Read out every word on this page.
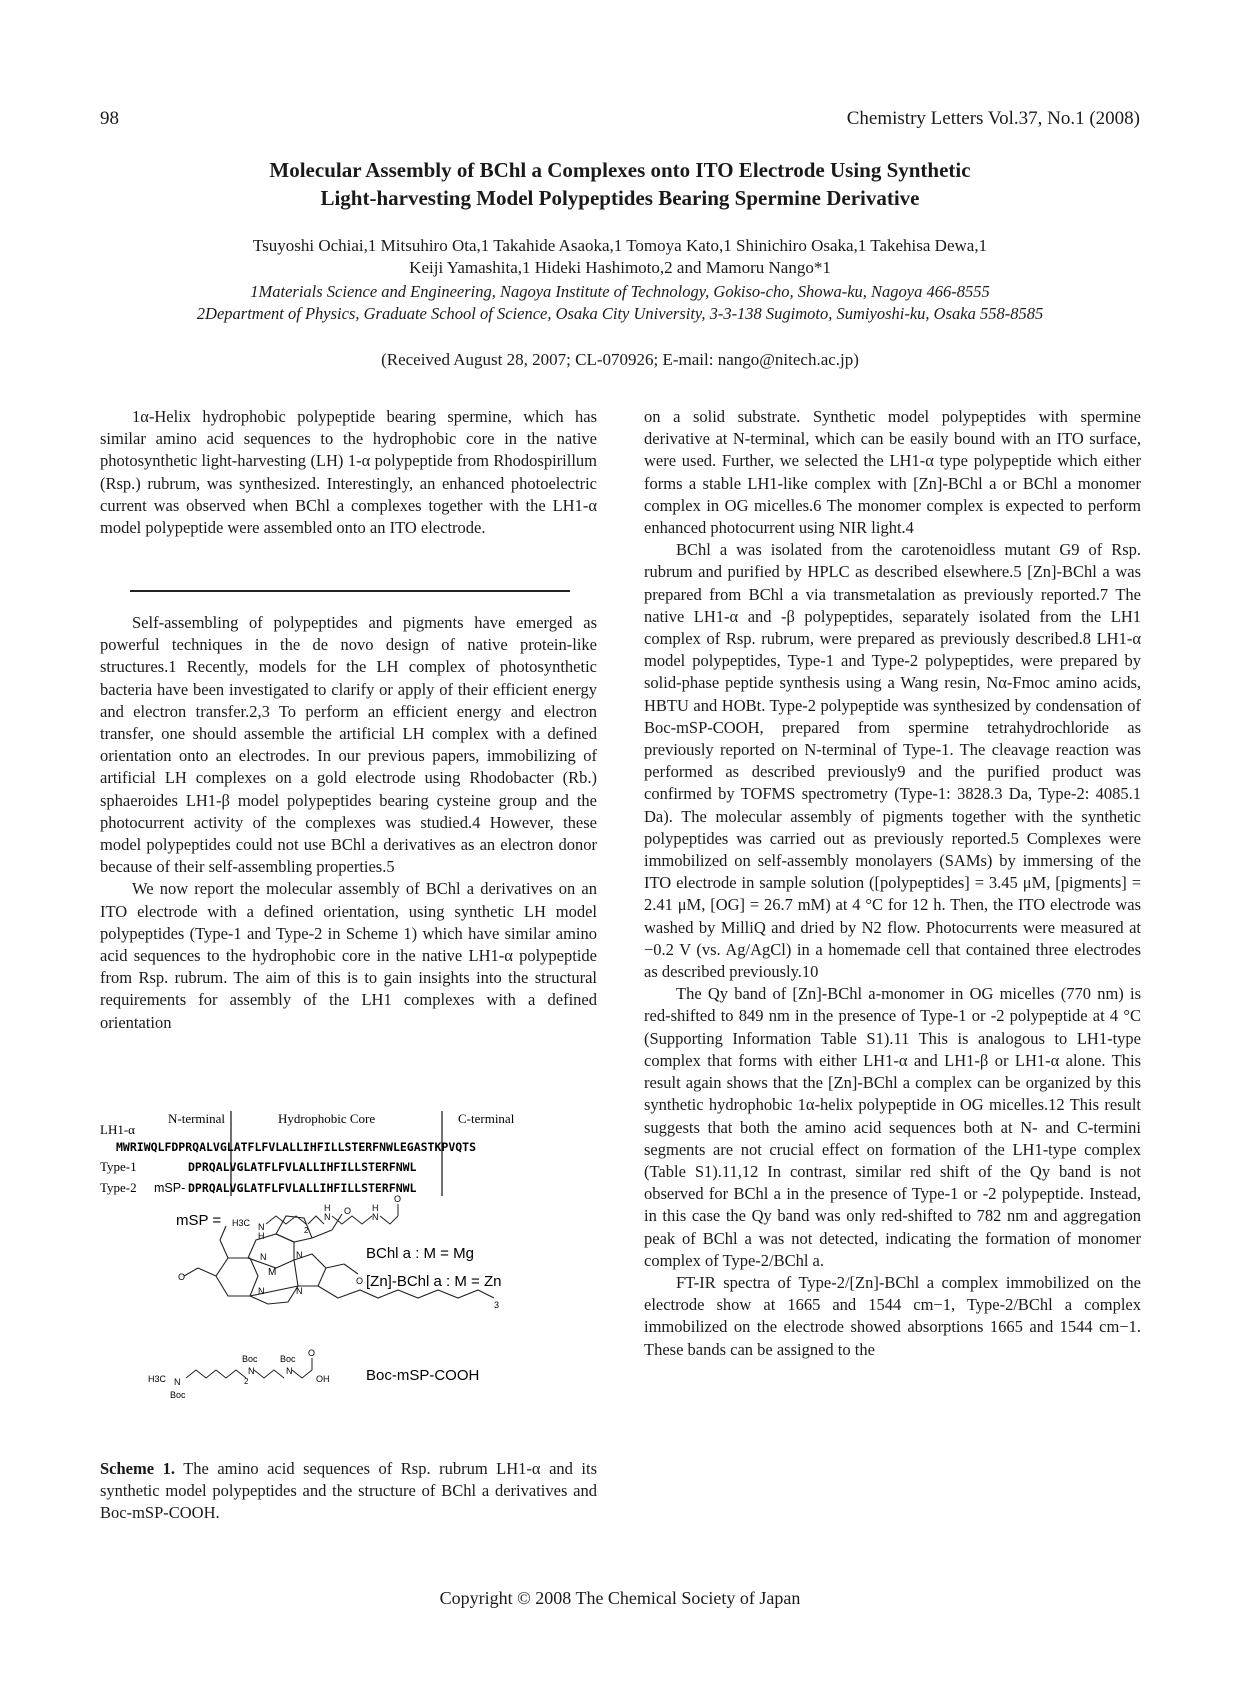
98	Chemistry Letters Vol.37, No.1 (2008)
Molecular Assembly of BChl a Complexes onto ITO Electrode Using Synthetic
Light-harvesting Model Polypeptides Bearing Spermine Derivative
Tsuyoshi Ochiai,1 Mitsuhiro Ota,1 Takahide Asaoka,1 Tomoya Kato,1 Shinichiro Osaka,1 Takehisa Dewa,1
Keiji Yamashita,1 Hideki Hashimoto,2 and Mamoru Nango*1
1Materials Science and Engineering, Nagoya Institute of Technology, Gokiso-cho, Showa-ku, Nagoya 466-8555
2Department of Physics, Graduate School of Science, Osaka City University, 3-3-138 Sugimoto, Sumiyoshi-ku, Osaka 558-8585
(Received August 28, 2007; CL-070926; E-mail: nango@nitech.ac.jp)

1α-Helix hydrophobic polypeptide bearing spermine, which has similar amino acid sequences to the hydrophobic core in the native photosynthetic light-harvesting (LH) 1-α polypeptide from Rhodospirillum (Rsp.) rubrum, was synthesized. Interestingly, an enhanced photoelectric current was observed when BChl a complexes together with the LH1-α model polypeptide were assembled onto an ITO electrode.

Self-assembling of polypeptides and pigments have emerged as powerful techniques in the de novo design of native protein-like structures.1 Recently, models for the LH complex of photosynthetic bacteria have been investigated to clarify or apply of their efficient energy and electron transfer.2,3 To perform an efficient energy and electron transfer, one should assemble the artificial LH complex with a defined orientation onto an electrodes. In our previous papers, immobilizing of artificial LH complexes on a gold electrode using Rhodobacter (Rb.) sphaeroides LH1-β model polypeptides bearing cysteine group and the photocurrent activity of the complexes was studied.4 However, these model polypeptides could not use BChl a derivatives as an electron donor because of their self-assembling properties.5

We now report the molecular assembly of BChl a derivatives on an ITO electrode with a defined orientation, using synthetic LH model polypeptides (Type-1 and Type-2 in Scheme 1) which have similar amino acid sequences to the hydrophobic core in the native LH1-α polypeptide from Rsp. rubrum. The aim of this is to gain insights into the structural requirements for assembly of the LH1 complexes with a defined orientation

on a solid substrate. Synthetic model polypeptides with spermine derivative at N-terminal, which can be easily bound with an ITO surface, were used. Further, we selected the LH1-α type polypeptide which either forms a stable LH1-like complex with [Zn]-BChl a or BChl a monomer complex in OG micelles.6 The monomer complex is expected to perform enhanced photocurrent using NIR light.4

BChl a was isolated from the carotenoidless mutant G9 of Rsp. rubrum and purified by HPLC as described elsewhere.5 [Zn]-BChl a was prepared from BChl a via transmetalation as previously reported.7 The native LH1-α and -β polypeptides, separately isolated from the LH1 complex of Rsp. rubrum, were prepared as previously described.8 LH1-α model polypeptides, Type-1 and Type-2 polypeptides, were prepared by solid-phase peptide synthesis using a Wang resin, Nα-Fmoc amino acids, HBTU and HOBt. Type-2 polypeptide was synthesized by condensation of Boc-mSP-COOH, prepared from spermine tetrahydrochloride as previously reported on N-terminal of Type-1. The cleavage reaction was performed as described previously9 and the purified product was confirmed by TOFMS spectrometry (Type-1: 3828.3 Da, Type-2: 4085.1 Da). The molecular assembly of pigments together with the synthetic polypeptides was carried out as previously reported.5 Complexes were immobilized on self-assembly monolayers (SAMs) by immersing of the ITO electrode in sample solution ([polypeptides] = 3.45 μM, [pigments] = 2.41 μM, [OG] = 26.7 mM) at 4 °C for 12 h. Then, the ITO electrode was washed by MilliQ and dried by N2 flow. Photocurrents were measured at −0.2 V (vs. Ag/AgCl) in a homemade cell that contained three electrodes as described previously.10

The Qy band of [Zn]-BChl a-monomer in OG micelles (770 nm) is red-shifted to 849 nm in the presence of Type-1 or -2 polypeptide at 4 °C (Supporting Information Table S1).11 This is analogous to LH1-type complex that forms with either LH1-α and LH1-β or LH1-α alone. This result again shows that the [Zn]-BChl a complex can be organized by this synthetic hydrophobic 1α-helix polypeptide in OG micelles.12 This result suggests that both the amino acid sequences both at N- and C-termini segments are not crucial effect on formation of the LH1-type complex (Table S1).11,12 In contrast, similar red shift of the Qy band is not observed for BChl a in the presence of Type-1 or -2 polypeptide. Instead, in this case the Qy band was only red-shifted to 782 nm and aggregation peak of BChl a was not detected, indicating the formation of monomer complex of Type-2/BChl a.

FT-IR spectra of Type-2/[Zn]-BChl a complex immobilized on the electrode show at 1665 and 1544 cm−1, Type-2/BChl a complex immobilized on the electrode showed absorptions 1665 and 1544 cm−1. These bands can be assigned to the

N-terminal	Hydrophobic Core	C-terminal
LH1-α
MWRIWQLFDPRQALVGLATFLFVLALLIHFILLSTERFNWLEGASTKPVQTS
Type-1	DPRQALVGLATFLFVLALLIHFILLSTERFNWL
Type-2 mSP- DPRQALVGLATFLFVLALLIHFILLSTERFNWL
mSP = H3C N
H
2
N
H
N
H
O
M
N	N
N	N
O
O	O
3
BChl a : M = Mg
[Zn]-BChl a : M = Zn
H3C N
Boc
2
N
Boc
N
Boc
O
OH Boc-mSP-COOH
Scheme 1. The amino acid sequences of Rsp. rubrum LH1-α and its synthetic model polypeptides and the structure of BChl a derivatives and Boc-mSP-COOH.
Copyright © 2008 The Chemical Society of Japan
